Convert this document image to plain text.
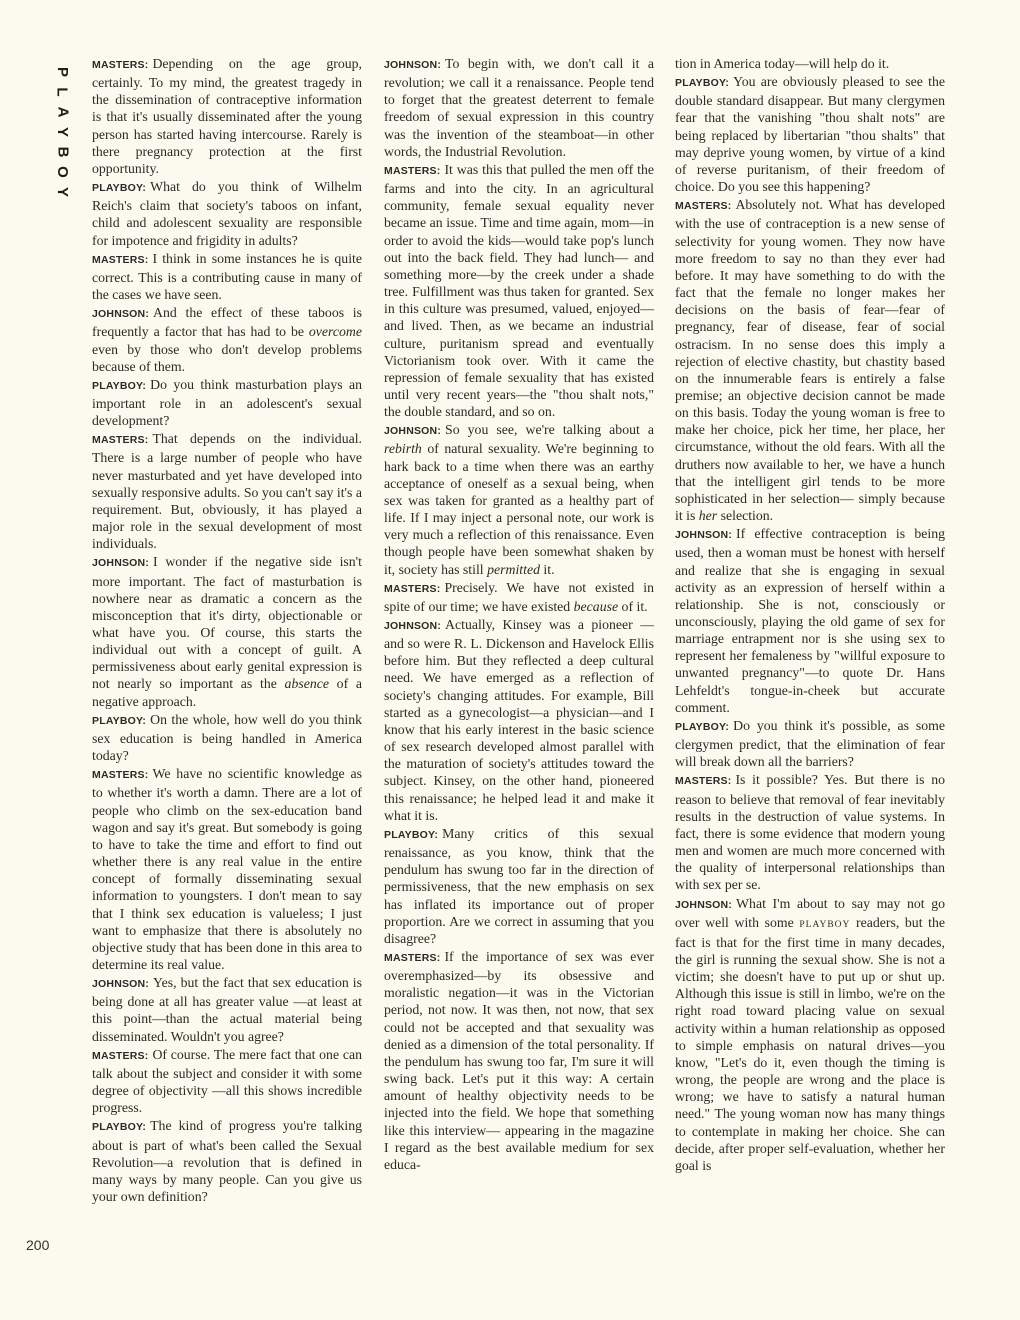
P
L
A
Y
B
O
Y

MASTERS: Depending on the age group, certainly. To my mind, the greatest tragedy in the dissemination of contraceptive information is that it's usually disseminated after the young person has started having intercourse. Rarely is there pregnancy protection at the first opportunity.

PLAYBOY: What do you think of Wilhelm Reich's claim that society's taboos on infant, child and adolescent sexuality are responsible for impotence and frigidity in adults?

MASTERS: I think in some instances he is quite correct. This is a contributing cause in many of the cases we have seen.

JOHNSON: And the effect of these taboos is frequently a factor that has had to be overcome even by those who don't develop problems because of them.

PLAYBOY: Do you think masturbation plays an important role in an adolescent's sexual development?

MASTERS: That depends on the individual. There is a large number of people who have never masturbated and yet have developed into sexually responsive adults. So you can't say it's a requirement. But, obviously, it has played a major role in the sexual development of most individuals.

JOHNSON: I wonder if the negative side isn't more important. The fact of masturbation is nowhere near as dramatic a concern as the misconception that it's dirty, objectionable or what have you. Of course, this starts the individual out with a concept of guilt. A permissiveness about early genital expression is not nearly so important as the absence of a negative approach.

PLAYBOY: On the whole, how well do you think sex education is being handled in America today?

MASTERS: We have no scientific knowledge as to whether it's worth a damn. There are a lot of people who climb on the sex-education band wagon and say it's great. But somebody is going to have to take the time and effort to find out whether there is any real value in the entire concept of formally disseminating sexual information to youngsters. I don't mean to say that I think sex education is valueless; I just want to emphasize that there is absolutely no objective study that has been done in this area to determine its real value.

JOHNSON: Yes, but the fact that sex education is being done at all has greater value —at least at this point—than the actual material being disseminated. Wouldn't you agree?

MASTERS: Of course. The mere fact that one can talk about the subject and consider it with some degree of objectivity —all this shows incredible progress.

PLAYBOY: The kind of progress you're talking about is part of what's been called the Sexual Revolution—a revolution that is defined in many ways by many people. Can you give us your own definition?

JOHNSON: To begin with, we don't call it a revolution; we call it a renaissance. People tend to forget that the greatest deterrent to female freedom of sexual expression in this country was the invention of the steamboat—in other words, the Industrial Revolution.

MASTERS: It was this that pulled the men off the farms and into the city. In an agricultural community, female sexual equality never became an issue. Time and time again, mom—in order to avoid the kids—would take pop's lunch out into the back field. They had lunch— and something more—by the creek under a shade tree. Fulfillment was thus taken for granted. Sex in this culture was presumed, valued, enjoyed—and lived. Then, as we became an industrial culture, puritanism spread and eventually Victorianism took over. With it came the repression of female sexuality that has existed until very recent years—the "thou shalt nots," the double standard, and so on.

JOHNSON: So you see, we're talking about a rebirth of natural sexuality. We're beginning to hark back to a time when there was an earthy acceptance of oneself as a sexual being, when sex was taken for granted as a healthy part of life. If I may inject a personal note, our work is very much a reflection of this renaissance. Even though people have been somewhat shaken by it, society has still permitted it.

MASTERS: Precisely. We have not existed in spite of our time; we have existed because of it.

JOHNSON: Actually, Kinsey was a pioneer —and so were R. L. Dickenson and Havelock Ellis before him. But they reflected a deep cultural need. We have emerged as a reflection of society's changing attitudes. For example, Bill started as a gynecologist—a physician—and I know that his early interest in the basic science of sex research developed almost parallel with the maturation of society's attitudes toward the subject. Kinsey, on the other hand, pioneered this renaissance; he helped lead it and make it what it is.

PLAYBOY: Many critics of this sexual renaissance, as you know, think that the pendulum has swung too far in the direction of permissiveness, that the new emphasis on sex has inflated its importance out of proper proportion. Are we correct in assuming that you disagree?

MASTERS: If the importance of sex was ever overemphasized—by its obsessive and moralistic negation—it was in the Victorian period, not now. It was then, not now, that sex could not be accepted and that sexuality was denied as a dimension of the total personality. If the pendulum has swung too far, I'm sure it will swing back. Let's put it this way: A certain amount of healthy objectivity needs to be injected into the field. We hope that something like this interview— appearing in the magazine I regard as the best available medium for sex educa-

tion in America today—will help do it.

PLAYBOY: You are obviously pleased to see the double standard disappear. But many clergymen fear that the vanishing "thou shalt nots" are being replaced by libertarian "thou shalts" that may deprive young women, by virtue of a kind of reverse puritanism, of their freedom of choice. Do you see this happening?

MASTERS: Absolutely not. What has developed with the use of contraception is a new sense of selectivity for young women. They now have more freedom to say no than they ever had before. It may have something to do with the fact that the female no longer makes her decisions on the basis of fear—fear of pregnancy, fear of disease, fear of social ostracism. In no sense does this imply a rejection of elective chastity, but chastity based on the innumerable fears is entirely a false premise; an objective decision cannot be made on this basis. Today the young woman is free to make her choice, pick her time, her place, her circumstance, without the old fears. With all the druthers now available to her, we have a hunch that the intelligent girl tends to be more sophisticated in her selection— simply because it is her selection.

JOHNSON: If effective contraception is being used, then a woman must be honest with herself and realize that she is engaging in sexual activity as an expression of herself within a relationship. She is not, consciously or unconsciously, playing the old game of sex for marriage entrapment nor is she using sex to represent her femaleness by "willful exposure to unwanted pregnancy"—to quote Dr. Hans Lehfeldt's tongue-in-cheek but accurate comment.

PLAYBOY: Do you think it's possible, as some clergymen predict, that the elimination of fear will break down all the barriers?

MASTERS: Is it possible? Yes. But there is no reason to believe that removal of fear inevitably results in the destruction of value systems. In fact, there is some evidence that modern young men and women are much more concerned with the quality of interpersonal relationships than with sex per se.

JOHNSON: What I'm about to say may not go over well with some PLAYBOY readers, but the fact is that for the first time in many decades, the girl is running the sexual show. She is not a victim; she doesn't have to put up or shut up. Although this issue is still in limbo, we're on the right road toward placing value on sexual activity within a human relationship as opposed to simple emphasis on natural drives—you know, "Let's do it, even though the timing is wrong, the people are wrong and the place is wrong; we have to satisfy a natural human need." The young woman now has many things to contemplate in making her choice. She can decide, after proper self-evaluation, whether her goal is

200
